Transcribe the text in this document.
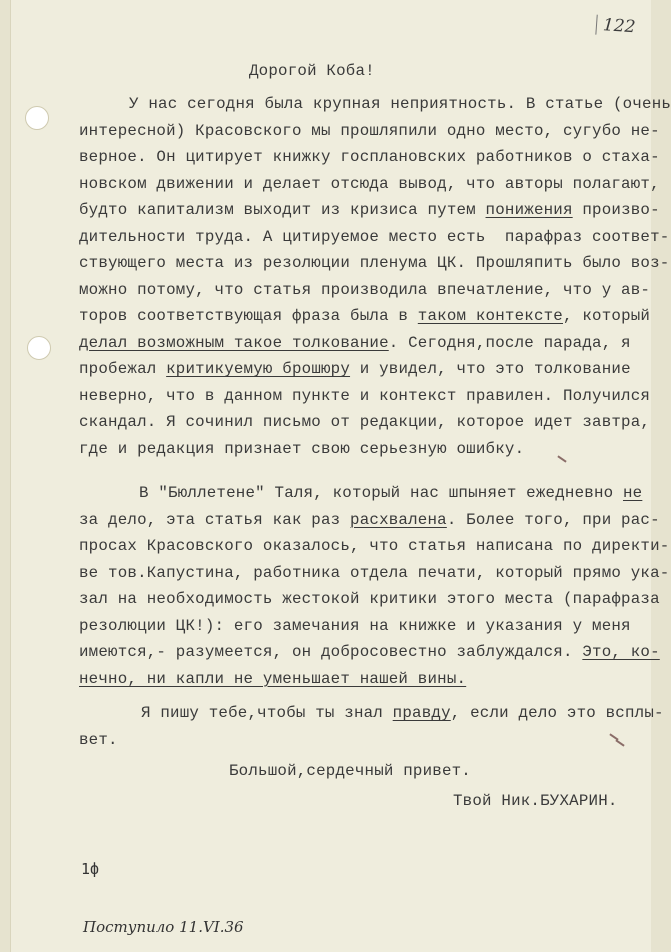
122
Дорогой Коба!
У нас сегодня была крупная неприятность. В статье (очень
интересной) Красовского мы прошляпили одно место, сугубо не-
верное. Он цитирует книжку госплановских работников о стаха-
новском движении и делает отсюда вывод, что авторы полагают,
будто капитализм выходит из кризиса путем понижения произво-
дительности труда. А цитируемое место есть  парафраз соответ-
ствующего места из резолюции пленума ЦК. Прошляпить было воз-
можно потому, что статья производила впечатление, что у ав-
торов соответствующая фраза была в таком контексте, который
делал возможным такое толкование. Сегодня,после парада, я
пробежал критикуемую брошюру и увидел, что это толкование
неверно, что в данном пункте и контекст правилен. Получился
скандал. Я сочинил письмо от редакции, которое идет завтра,
где и редакция признает свою серьезную ошибку.
В "Бюллетене" Таля, который нас шпыняет ежедневно не
за дело, эта статья как раз расхвалена. Более того, при рас-
просах Красовского оказалось, что статья написана по директи-
ве тов.Капустина, работника отдела печати, который прямо ука-
зал на необходимость жестокой критики этого места (парафраза
резолюции ЦК!): его замечания на книжке и указания у меня
имеются,- разумеется, он добросовестно заблуждался. Это, ко-
нечно, ни капли не уменьшает нашей вины.
Я пишу тебе,чтобы ты знал правду, если дело это всплы-
вет.
Большой,сердечный привет.
Твой Ник.БУХАРИН.
1ф
Поступило 11.VI.36
